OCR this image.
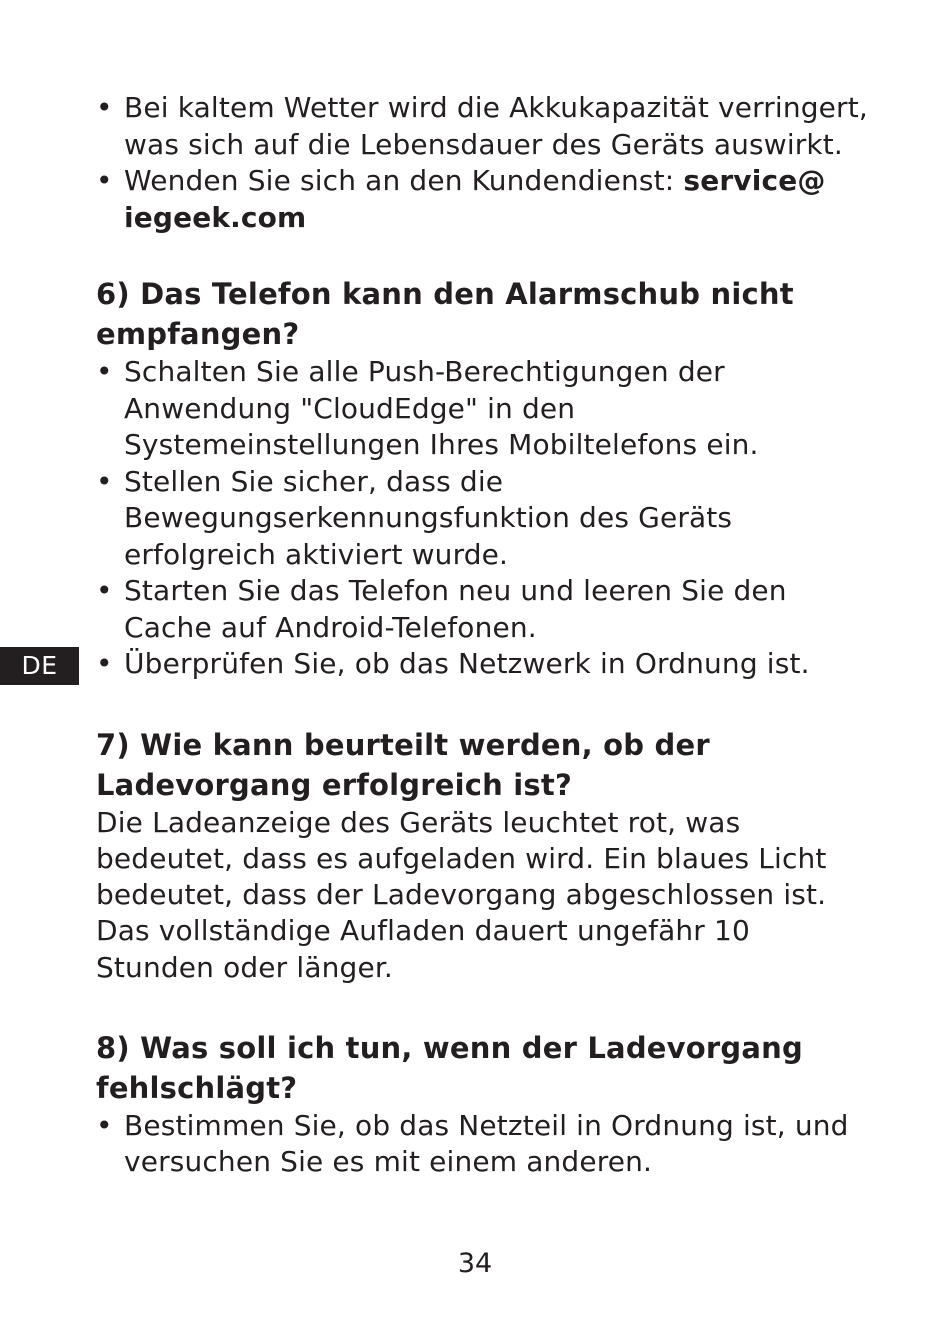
DE
• Bei kaltem Wetter wird die Akkukapazität verringert, was sich auf die Lebensdauer des Geräts auswirkt.
• Wenden Sie sich an den Kundendienst: service@ iegeek.com
6) Das Telefon kann den Alarmschub nicht empfangen?
• Schalten Sie alle Push-Berechtigungen der Anwendung "CloudEdge" in den Systemeinstellungen Ihres Mobiltelefons ein.
• Stellen Sie sicher, dass die Bewegungserkennungsfunktion des Geräts erfolgreich aktiviert wurde.
• Starten Sie das Telefon neu und leeren Sie den Cache auf Android-Telefonen.
• Überprüfen Sie, ob das Netzwerk in Ordnung ist.
7) Wie kann beurteilt werden, ob der Ladevorgang erfolgreich ist?

Die Ladeanzeige des Geräts leuchtet rot, was bedeutet, dass es aufgeladen wird. Ein blaues Licht bedeutet, dass der Ladevorgang abgeschlossen ist. Das vollständige Aufladen dauert ungefähr 10 Stunden oder länger.

8) Was soll ich tun, wenn der Ladevorgang fehlschlägt?
• Bestimmen Sie, ob das Netzteil in Ordnung ist, und versuchen Sie es mit einem anderen.
34
